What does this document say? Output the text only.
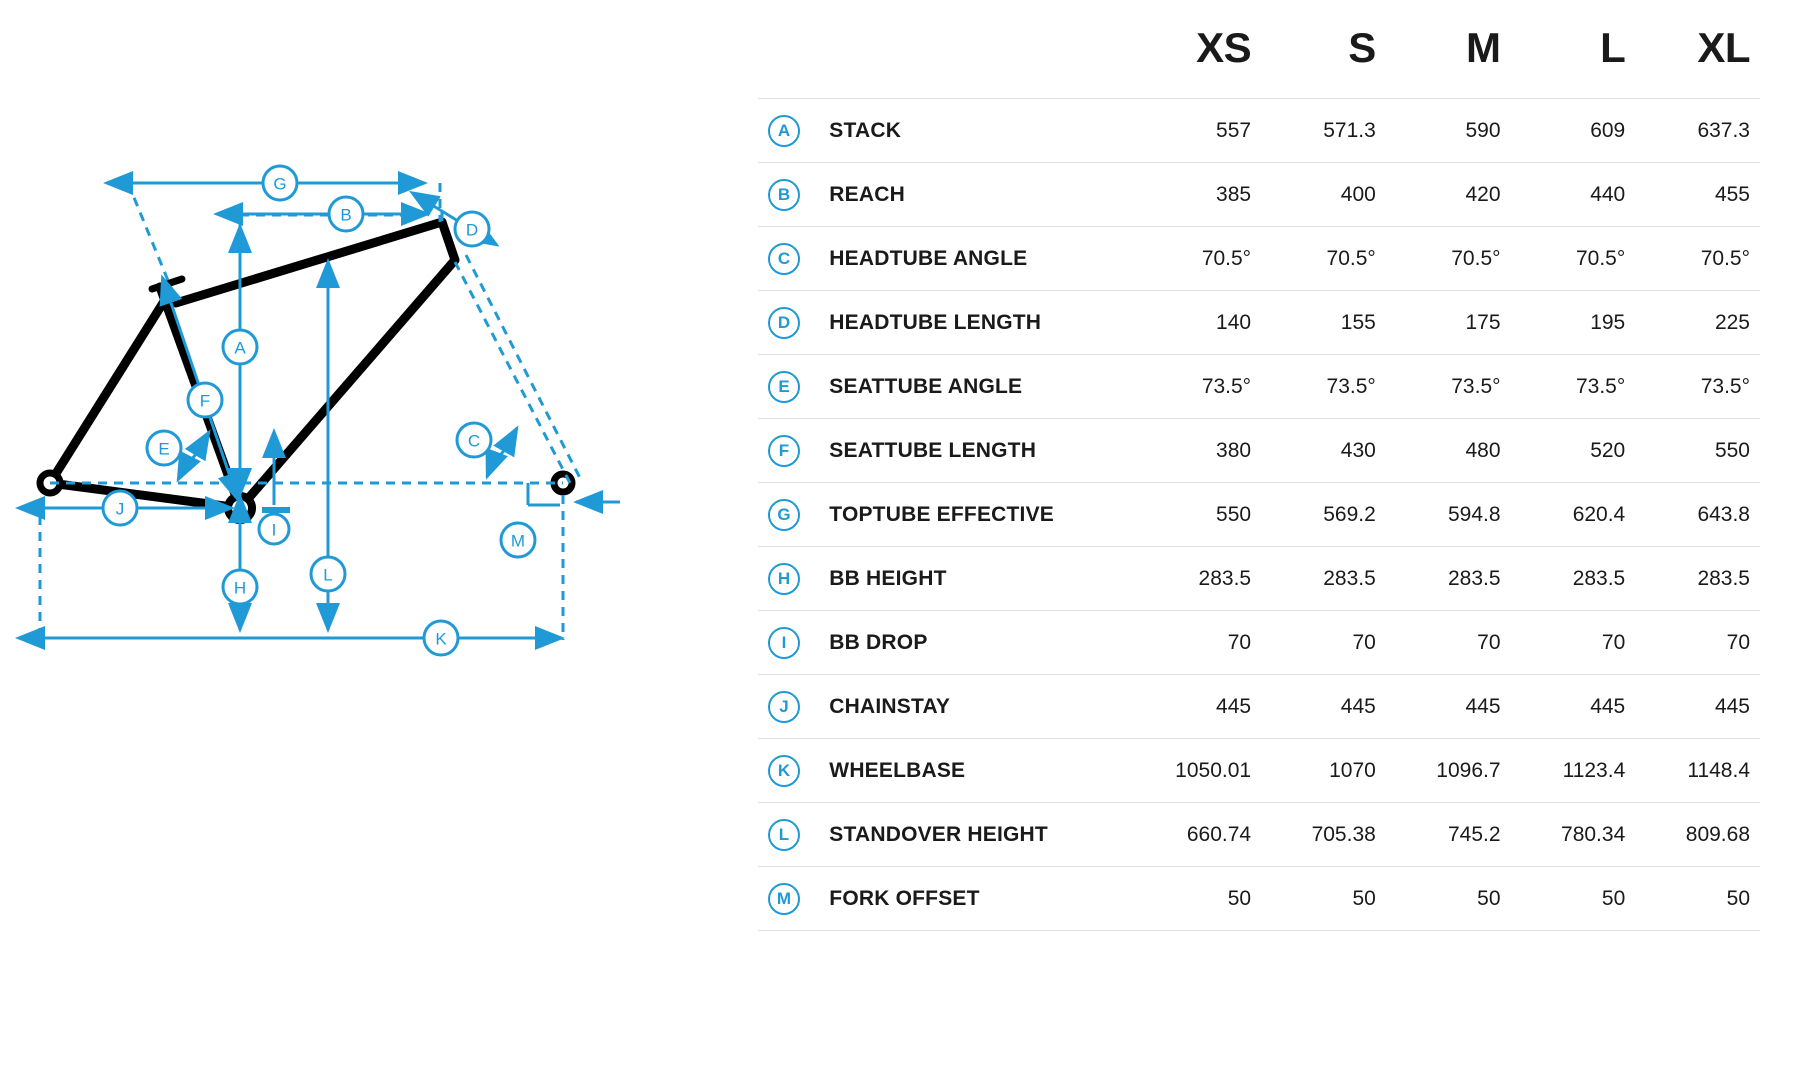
G
B
D
A
F
E	C
J
M
I
L
H
K
		XS	S	M	L	XL
A	STACK	557	571.3	590	609	637.3
B	REACH	385	400	420	440	455
C	HEADTUBE ANGLE	70.5°	70.5°	70.5°	70.5°	70.5°
D	HEADTUBE LENGTH	140	155	175	195	225
E	SEATTUBE ANGLE	73.5°	73.5°	73.5°	73.5°	73.5°
F	SEATTUBE LENGTH	380	430	480	520	550
G	TOPTUBE EFFECTIVE	550	569.2	594.8	620.4	643.8
H	BB HEIGHT	283.5	283.5	283.5	283.5	283.5
I	BB DROP	70	70	70	70	70
J	CHAINSTAY	445	445	445	445	445
K	WHEELBASE	1050.01	1070	1096.7	1123.4	1148.4
L	STANDOVER HEIGHT	660.74	705.38	745.2	780.34	809.68
M	FORK OFFSET	50	50	50	50	50
